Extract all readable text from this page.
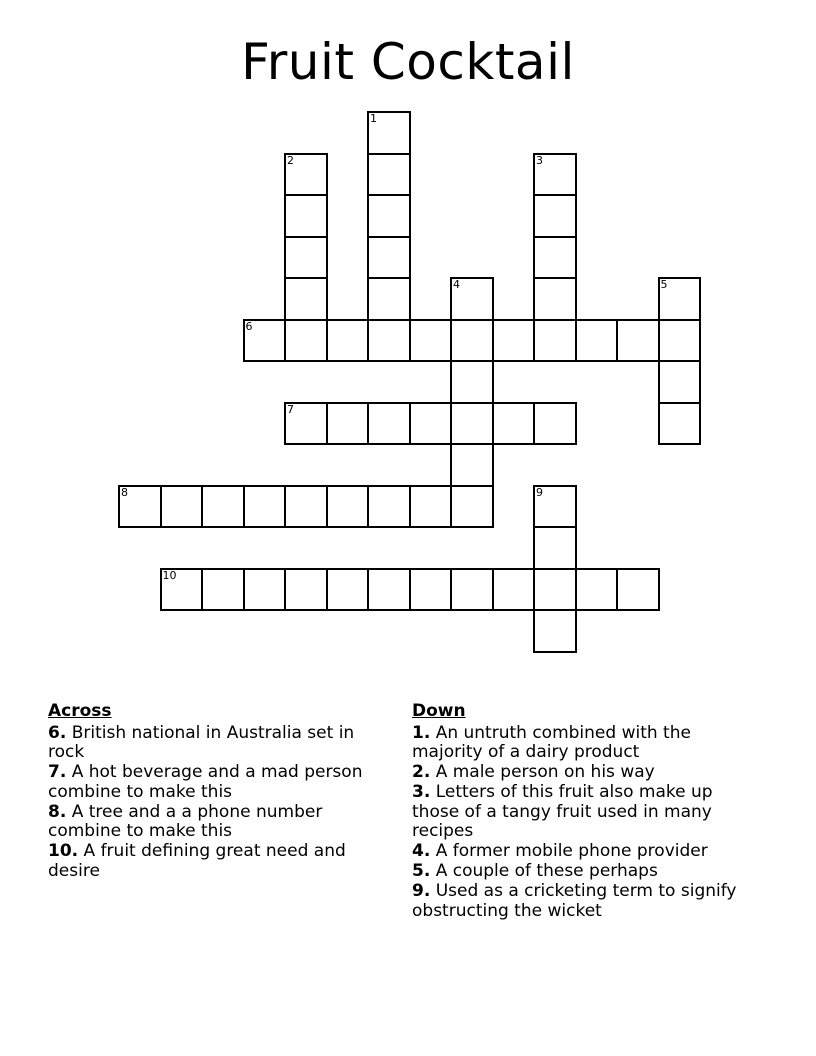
Fruit Cocktail
6
2
1
3
4	5
7
8	9
10
Across
6. British national in Australia set in rock
7. A hot beverage and a mad person combine to make this
8. A tree and a a phone number combine to make this
10. A fruit defining great need and desire
Down
1. An untruth combined with the majority of a dairy product
2. A male person on his way
3. Letters of this fruit also make up those of a tangy fruit used in many recipes
4. A former mobile phone provider
5. A couple of these perhaps
9. Used as a cricketing term to signify obstructing the wicket
